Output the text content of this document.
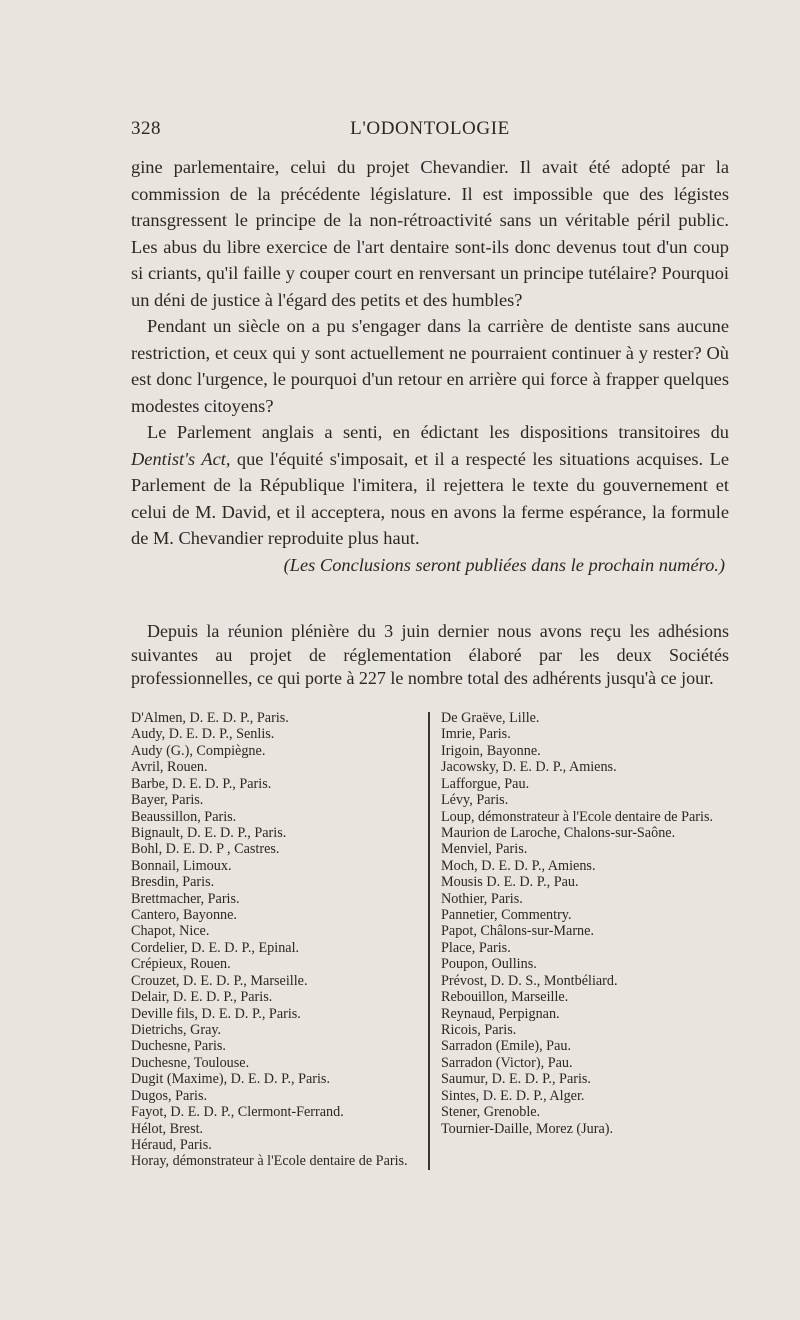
328	L'ODONTOLOGIE

gine parlementaire, celui du projet Chevandier. Il avait été adopté par la commission de la précédente législature. Il est impossible que des légistes transgressent le principe de la non-rétroactivité sans un véritable péril public. Les abus du libre exercice de l'art dentaire sont-ils donc devenus tout d'un coup si criants, qu'il faille y couper court en renversant un principe tutélaire? Pourquoi un déni de justice à l'égard des petits et des humbles?

Pendant un siècle on a pu s'engager dans la carrière de dentiste sans aucune restriction, et ceux qui y sont actuellement ne pourraient continuer à y rester? Où est donc l'urgence, le pourquoi d'un retour en arrière qui force à frapper quelques modestes citoyens?

Le Parlement anglais a senti, en édictant les dispositions transitoires du Dentist's Act, que l'équité s'imposait, et il a respecté les situations acquises. Le Parlement de la République l'imitera, il rejettera le texte du gouvernement et celui de M. David, et il acceptera, nous en avons la ferme espérance, la formule de M. Chevandier reproduite plus haut.

(Les Conclusions seront publiées dans le prochain numéro.)

Depuis la réunion plénière du 3 juin dernier nous avons reçu les adhésions suivantes au projet de réglementation élaboré par les deux Sociétés professionnelles, ce qui porte à 227 le nombre total des adhérents jusqu'à ce jour.

D'Almen, D. E. D. P., Paris.
Audy, D. E. D. P., Senlis.
Audy (G.), Compiègne.
Avril, Rouen.
Barbe, D. E. D. P., Paris.
Bayer, Paris.
Beaussillon, Paris.
Bignault, D. E. D. P., Paris.
Bohl, D. E. D. P , Castres.
Bonnail, Limoux.
Bresdin, Paris.
Brettmacher, Paris.
Cantero, Bayonne.
Chapot, Nice.
Cordelier, D. E. D. P., Epinal.
Crépieux, Rouen.
Crouzet, D. E. D. P., Marseille.
Delair, D. E. D. P., Paris.
Deville fils, D. E. D. P., Paris.
Dietrichs, Gray.
Duchesne, Paris.
Duchesne, Toulouse.
Dugit (Maxime), D. E. D. P., Paris.
Dugos, Paris.
Fayot, D. E. D. P., Clermont-Ferrand.
Hélot, Brest.
Héraud, Paris.
Horay, démonstrateur à l'Ecole dentaire de Paris.
De Graëve, Lille.
Imrie, Paris.
Irigoin, Bayonne.
Jacowsky, D. E. D. P., Amiens.
Lafforgue, Pau.
Lévy, Paris.
Loup, démonstrateur à l'Ecole dentaire de Paris.
Maurion de Laroche, Chalons-sur-Saône.
Menviel, Paris.
Moch, D. E. D. P., Amiens.
Mousis D. E. D. P., Pau.
Nothier, Paris.
Pannetier, Commentry.
Papot, Châlons-sur-Marne.
Place, Paris.
Poupon, Oullins.
Prévost, D. D. S., Montbéliard.
Rebouillon, Marseille.
Reynaud, Perpignan.
Ricois, Paris.
Sarradon (Emile), Pau.
Sarradon (Victor), Pau.
Saumur, D. E. D. P., Paris.
Sintes, D. E. D. P., Alger.
Stener, Grenoble.
Tournier-Daille, Morez (Jura).
